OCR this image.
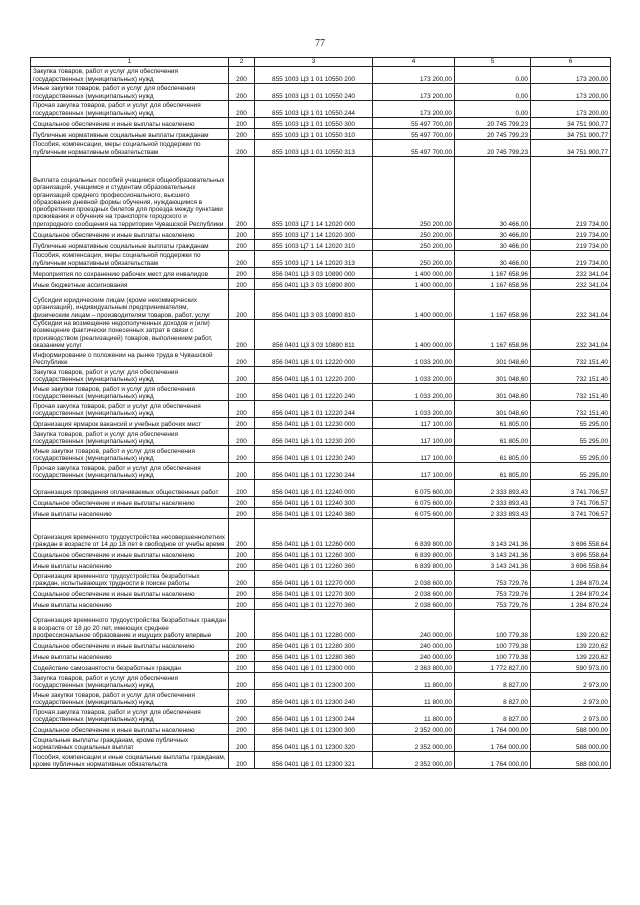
77
1	2	3	4	5	6
Закупка товаров, работ и услуг для обеспечения государственных (муниципальных) нужд	200	855 1003 Ц3 1 01 10550 200	173 200,00	0,00	173 200,00
Иные закупки товаров, работ и услуг для обеспечения государственных (муниципальных) нужд	200	855 1003 Ц3 1 01 10550 240	173 200,00	0,00	173 200,00
Прочая закупка товаров, работ и услуг для обеспечения государственных (муниципальных) нужд	200	855 1003 Ц3 1 01 10550 244	173 200,00	0,00	173 200,00
Социальное обеспечение и иные выплаты населению	200	855 1003 Ц3 1 01 10550 300	55 497 700,00	20 745 799,23	34 751 900,77
Публичные нормативные социальные выплаты гражданам	200	855 1003 Ц3 1 01 10550 310	55 497 700,00	20 745 799,23	34 751 900,77
Пособия, компенсации, меры социальной поддержки по публичным нормативным обязательствам	200	855 1003 Ц3 1 01 10550 313	55 497 700,00	20 745 799,23	34 751 900,77
Выплата социальных пособий учащимся общеобразовательных организаций, учащимся и студентам образовательных организаций среднего профессионального, высшего образования дневной формы обучения, нуждающимся в приобретении проездных билетов для проезда между пунктами проживания и обучения на транспорте городского и пригородного сообщения на территории Чувашской Республики	200	855 1003 Ц7 1 14 12020 000	250 200,00	30 466,00	219 734,00
Социальное обеспечение и иные выплаты населению	200	855 1003 Ц7 1 14 12020 300	250 200,00	30 466,00	219 734,00
Публичные нормативные социальные выплаты гражданам	200	855 1003 Ц7 1 14 12020 310	250 200,00	30 466,00	219 734,00
Пособия, компенсации, меры социальной поддержки по публичным нормативным обязательствам	200	855 1003 Ц7 1 14 12020 313	250 200,00	30 466,00	219 734,00
Мероприятия по сохранению рабочих мест для инвалидов	200	856 0401 Ц3 3 03 10890 000	1 400 000,00	1 167 658,96	232 341,04
Иные бюджетные ассигнования	200	856 0401 Ц3 3 03 10890 800	1 400 000,00	1 167 658,96	232 341,04
Субсидии юридическим лицам (кроме некоммерческих организаций), индивидуальным предпринимателям, физическим лицам – производителям товаров, работ, услуг	200	856 0401 Ц3 3 03 10890 810	1 400 000,00	1 167 658,96	232 341,04
Субсидии на возмещение недополученных доходов и (или) возмещение фактически понесенных затрат в связи с производством (реализацией) товаров, выполнением работ, оказанием услуг	200	856 0401 Ц3 3 03 10890 811	1 400 000,00	1 167 658,96	232 341,04
Информирование о положении на рынке труда в Чувашской Республике	200	856 0401 Ц6 1 01 12220 000	1 033 200,00	301 048,60	732 151,40
Закупка товаров, работ и услуг для обеспечения государственных (муниципальных) нужд	200	856 0401 Ц6 1 01 12220 200	1 033 200,00	301 048,60	732 151,40
Иные закупки товаров, работ и услуг для обеспечения государственных (муниципальных) нужд	200	856 0401 Ц6 1 01 12220 240	1 033 200,00	301 048,60	732 151,40
Прочая закупка товаров, работ и услуг для обеспечения государственных (муниципальных) нужд	200	856 0401 Ц6 1 01 12220 244	1 033 200,00	301 048,60	732 151,40
Организация ярмарок вакансий и учебных рабочих мест	200	856 0401 Ц6 1 01 12230 000	117 100,00	61 805,00	55 295,00
Закупка товаров, работ и услуг для обеспечения государственных (муниципальных) нужд	200	856 0401 Ц6 1 01 12230 200	117 100,00	61 805,00	55 295,00
Иные закупки товаров, работ и услуг для обеспечения государственных (муниципальных) нужд	200	856 0401 Ц6 1 01 12230 240	117 100,00	61 805,00	55 295,00
Прочая закупка товаров, работ и услуг для обеспечения государственных (муниципальных) нужд	200	856 0401 Ц6 1 01 12230 244	117 100,00	61 805,00	55 295,00
Организация проведения оплачиваемых общественных работ	200	856 0401 Ц6 1 01 12240 000	6 075 600,00	2 333 893,43	3 741 706,57
Социальное обеспечение и иные выплаты населению	200	856 0401 Ц6 1 01 12240 300	6 075 600,00	2 333 893,43	3 741 706,57
Иные выплаты населению	200	856 0401 Ц6 1 01 12240 360	6 075 600,00	2 333 893,43	3 741 706,57
Организация временного трудоустройства несовершеннолетних граждан в возрасте от 14 до 18 лет в свободное от учебы время	200	856 0401 Ц6 1 01 12260 000	6 839 800,00	3 143 241,36	3 696 558,64
Социальное обеспечение и иные выплаты населению	200	856 0401 Ц6 1 01 12260 300	6 839 800,00	3 143 241,36	3 696 558,64
Иные выплаты населению	200	856 0401 Ц6 1 01 12260 360	6 839 800,00	3 143 241,36	3 696 558,64
Организация временного трудоустройства безработных граждан, испытывающих трудности в поиске работы	200	856 0401 Ц6 1 01 12270 000	2 038 600,00	753 729,76	1 284 870,24
Социальное обеспечение и иные выплаты населению	200	856 0401 Ц6 1 01 12270 300	2 038 600,00	753 729,76	1 284 870,24
Иные выплаты населению	200	856 0401 Ц6 1 01 12270 360	2 038 600,00	753 729,76	1 284 870,24
Организация временного трудоустройства безработных граждан в возрасте от 18 до 20 лет, имеющих среднее профессиональное образование и ищущих работу впервые	200	856 0401 Ц6 1 01 12280 000	240 000,00	100 779,38	139 220,62
Социальное обеспечение и иные выплаты населению	200	856 0401 Ц6 1 01 12280 300	240 000,00	100 779,38	139 220,62
Иные выплаты населению	200	856 0401 Ц6 1 01 12280 360	240 000,00	100 779,38	139 220,62
Содействие самозанятости безработных граждан	200	856 0401 Ц6 1 01 12300 000	2 363 800,00	1 772 827,00	590 973,00
Закупка товаров, работ и услуг для обеспечения государственных (муниципальных) нужд	200	856 0401 Ц6 1 01 12300 200	11 800,00	8 827,00	2 973,00
Иные закупки товаров, работ и услуг для обеспечения государственных (муниципальных) нужд	200	856 0401 Ц6 1 01 12300 240	11 800,00	8 827,00	2 973,00
Прочая закупка товаров, работ и услуг для обеспечения государственных (муниципальных) нужд	200	856 0401 Ц6 1 01 12300 244	11 800,00	8 827,00	2 973,00
Социальное обеспечение и иные выплаты населению	200	856 0401 Ц6 1 01 12300 300	2 352 000,00	1 764 000,00	588 000,00
Социальные выплаты гражданам, кроме публичных нормативных социальных выплат	200	856 0401 Ц6 1 01 12300 320	2 352 000,00	1 764 000,00	588 000,00
Пособия, компенсации и иные социальные выплаты гражданам, кроме публичных нормативных обязательств	200	856 0401 Ц6 1 01 12300 321	2 352 000,00	1 764 000,00	588 000,00
